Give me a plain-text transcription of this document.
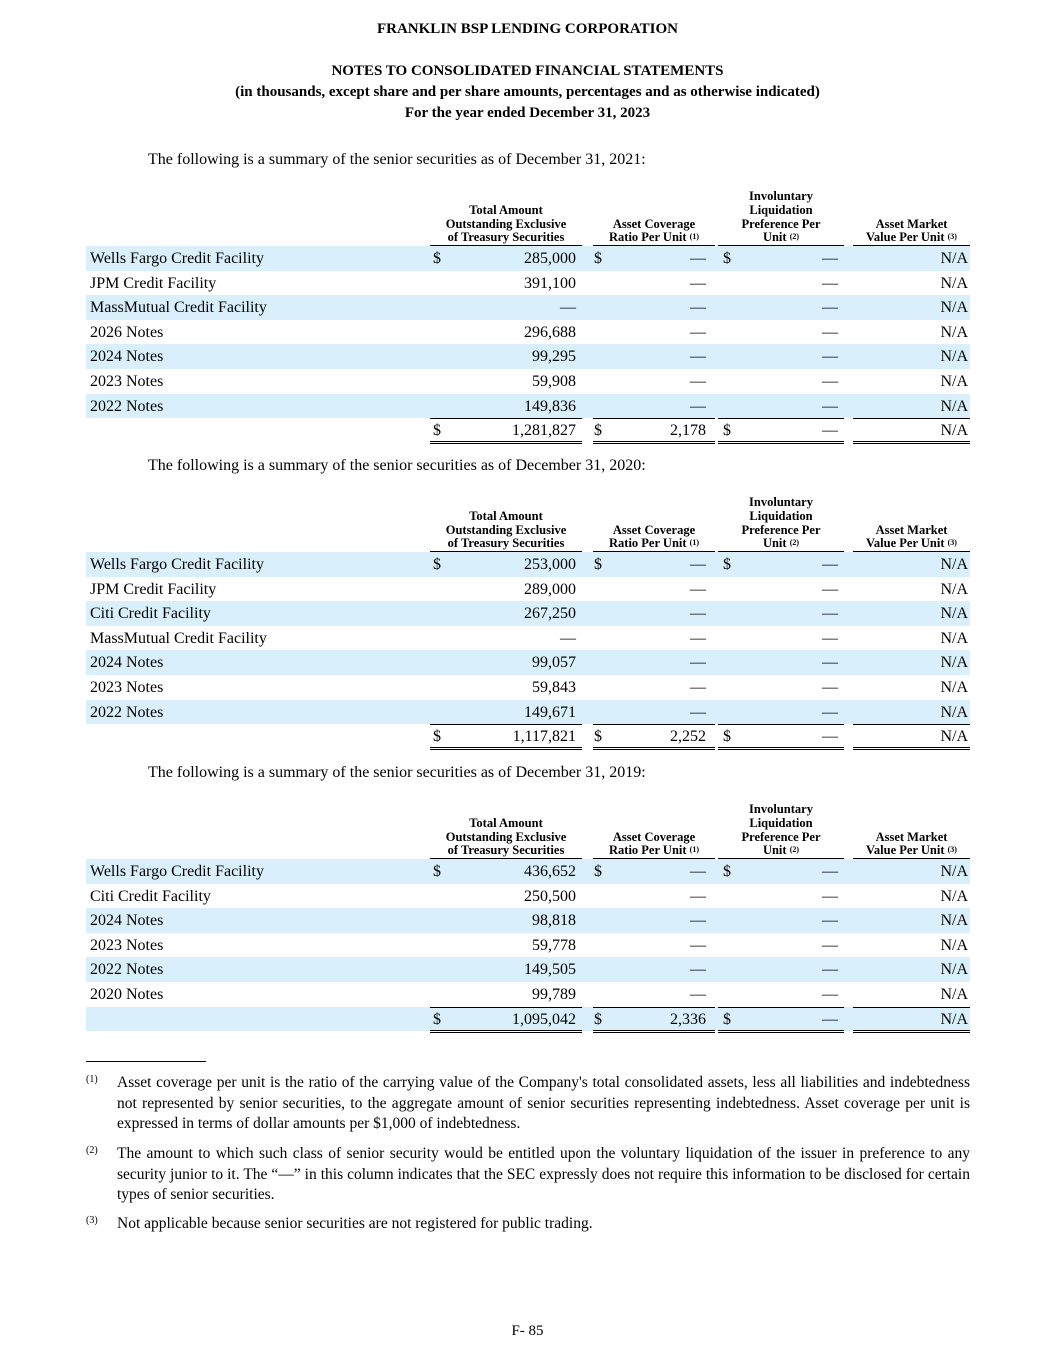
FRANKLIN BSP LENDING CORPORATION
NOTES TO CONSOLIDATED FINANCIAL STATEMENTS
(in thousands, except share and per share amounts, percentages and as otherwise indicated)
For the year ended December 31, 2023
The following is a summary of the senior securities as of December 31, 2021:
Total Amount
Outstanding Exclusive
of Treasury Securities
Asset Coverage
Ratio Per Unit $^{(1)}$
Involuntary
Liquidation
Preference Per
Unit $^{(2)}$
Asset Market
Value Per Unit $^{(3)}$
Wells Fargo Credit Facility	$	285,000 $	— $	—	N/A
JPM Credit Facility	391,100	—	—	N/A
MassMutual Credit Facility	—	—	—	N/A
2026 Notes	296,688	—	—	N/A
2024 Notes	99,295	—	—	N/A
2023 Notes	59,908	—	—	N/A
2022 Notes	149,836	—	—	N/A
$	1,281,827 $	2,178 $	—	N/A
The following is a summary of the senior securities as of December 31, 2020:
Total Amount
Outstanding Exclusive
of Treasury Securities
Asset Coverage
Ratio Per Unit $^{(1)}$
Involuntary
Liquidation
Preference Per
Unit $^{(2)}$
Asset Market
Value Per Unit $^{(3)}$
Wells Fargo Credit Facility	$	253,000 $	— $	—	N/A
JPM Credit Facility	289,000	—	—	N/A
Citi Credit Facility	267,250	—	—	N/A
MassMutual Credit Facility	—	—	—	N/A
2024 Notes	99,057	—	—	N/A
2023 Notes	59,843	—	—	N/A
2022 Notes	149,671	—	—	N/A
$	1,117,821 $	2,252 $	—	N/A
The following is a summary of the senior securities as of December 31, 2019:
Total Amount
Outstanding Exclusive
of Treasury Securities
Asset Coverage
Ratio Per Unit $^{(1)}$
Involuntary
Liquidation
Preference Per
Unit $^{(2)}$
Asset Market
Value Per Unit $^{(3)}$
Wells Fargo Credit Facility	$	436,652 $	— $	—	N/A
Citi Credit Facility	250,500	—	—	N/A
2024 Notes	98,818	—	—	N/A
2023 Notes	59,778	—	—	N/A
2022 Notes	149,505	—	—	N/A
2020 Notes	99,789	—	—	N/A
$	1,095,042 $	2,336 $	—	N/A
(1) Asset coverage per unit is the ratio of the carrying value of the Company's total consolidated assets, less all liabilities and indebtedness not represented by senior securities, to the aggregate amount of senior securities representing indebtedness. Asset coverage per unit is expressed in terms of dollar amounts per $1,000 of indebtedness.
(2) The amount to which such class of senior security would be entitled upon the voluntary liquidation of the issuer in preference to any security junior to it. The “—” in this column indicates that the SEC expressly does not require this information to be disclosed for certain types of senior securities.
(3) Not applicable because senior securities are not registered for public trading.
F- 85
